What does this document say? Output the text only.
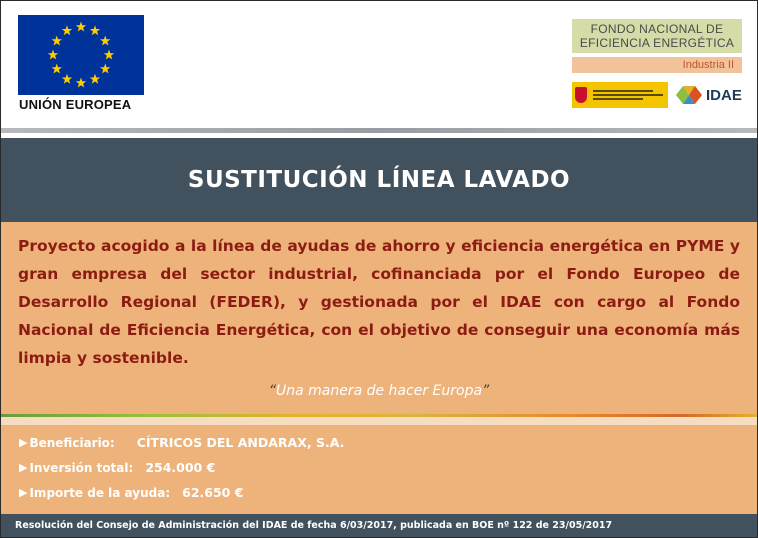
UNIÓN EUROPEA
FONDO NACIONAL DE
EFICIENCIA ENERGÉTICA
Industria II
IDAE
SUSTITUCIÓN LÍNEA LAVADO

Proyecto acogido a la línea de ayudas de ahorro y eficiencia energética en PYME y gran empresa del sector industrial, cofinanciada por el Fondo Europeo de Desarrollo Regional (FEDER), y gestionada por el IDAE con cargo al Fondo Nacional de Eficiencia Energética, con el objetivo de conseguir una economía más limpia y sostenible.

“Una manera de hacer Europa”
▶ Beneficiario: CÍTRICOS DEL ANDARAX, S.A.
▶ Inversión total: 254.000 €
▶ Importe de la ayuda: 62.650 €
Resolución del Consejo de Administración del IDAE de fecha 6/03/2017, publicada en BOE nº 122 de 23/05/2017
